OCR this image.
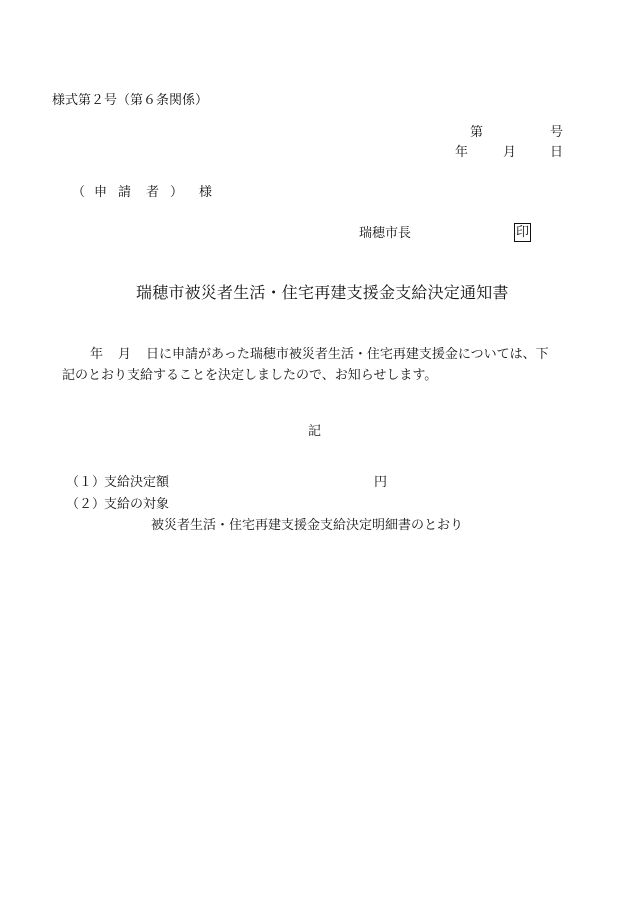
様式第２号（第６条関係）
第	号
年	月	日
（ 申 請 者 ） 様
瑞穂市長	印
瑞穂市被災者生活・住宅再建支援金支給決定通知書
年 月 日に申請があった瑞穂市被災者生活・住宅再建支援金については、下
記のとおり支給することを決定しましたので、お知らせします。
記
（１）
支給決定額	円
（２）
支給の対象
被災者生活・住宅再建支援金支給決定明細書のとおり
